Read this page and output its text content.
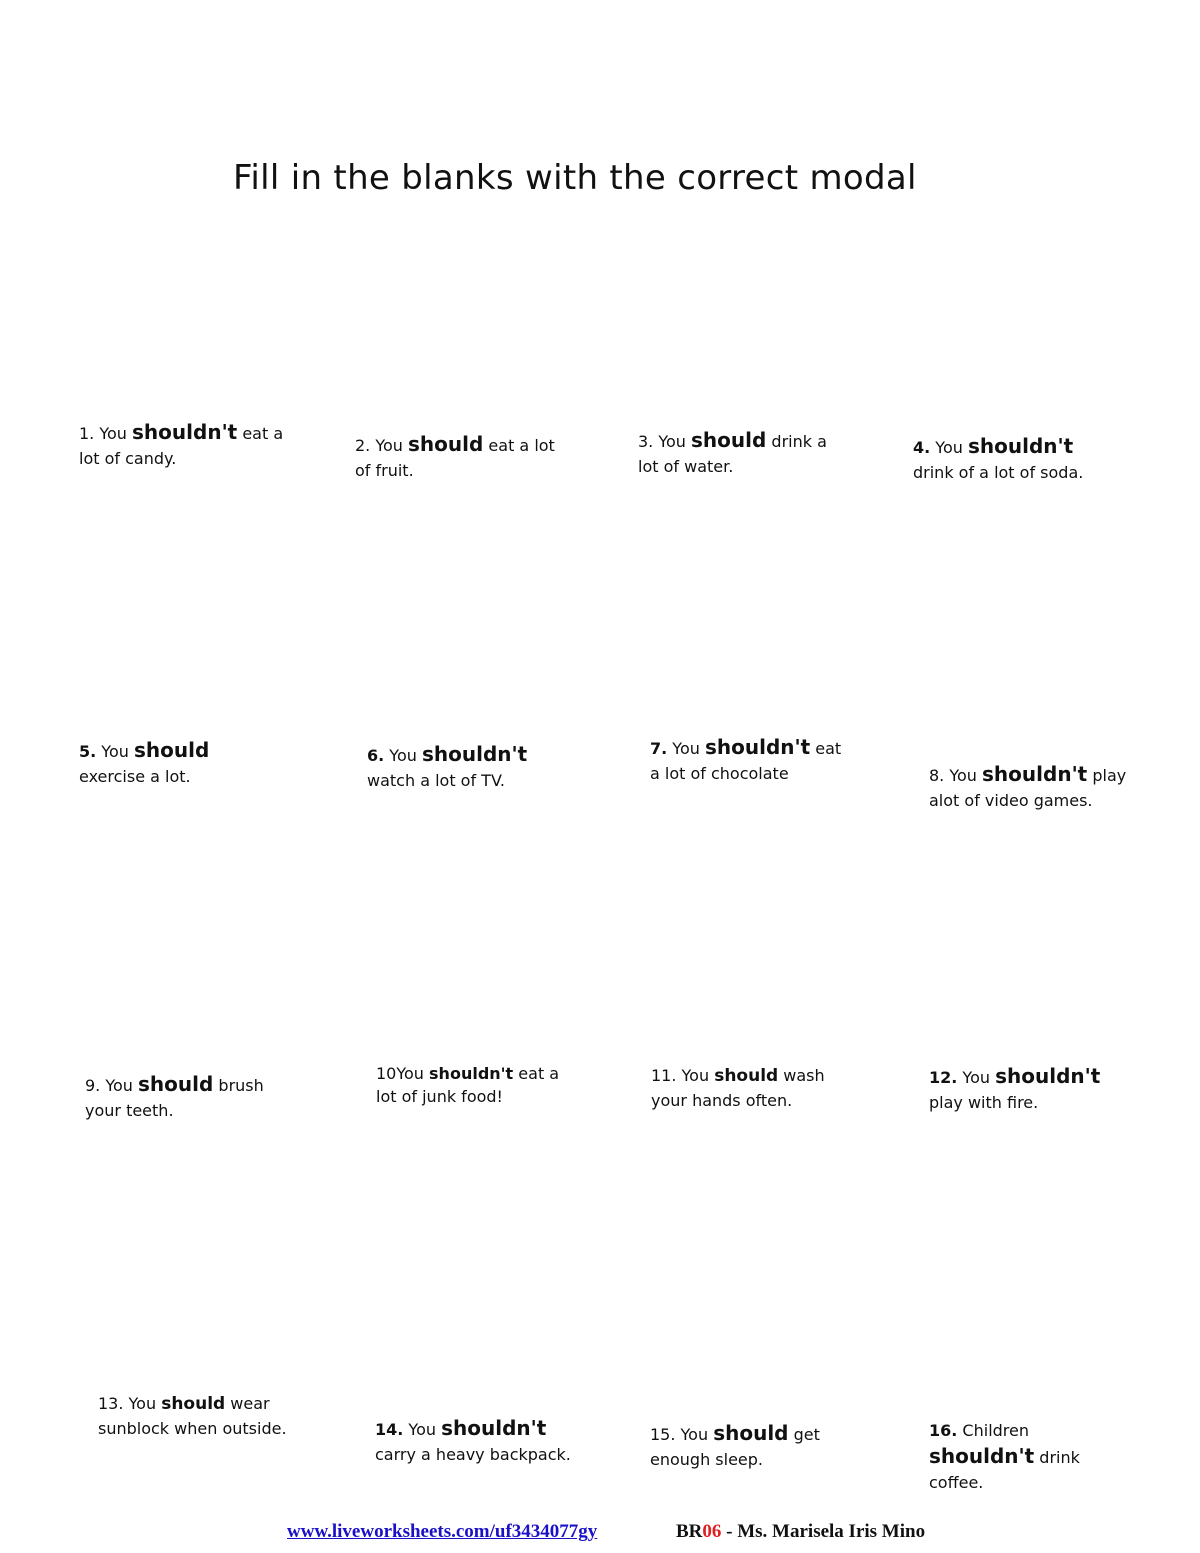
Fill in the blanks with the correct modal
1. You shouldn't eat a lot of candy.
2. You should eat a lot of fruit.
3. You should drink a lot of water.
4. You shouldn't drink of a lot of soda.
5. You should exercise a lot.
6. You shouldn't watch a lot of TV.
7. You shouldn't eat a lot of chocolate	8. You shouldn't play alot of video games.
9. You should brush your teeth.
10You shouldn't eat a lot of junk food!
11. You should wash your hands often.
12. You shouldn't play with fire.
13. You should wear sunblock when outside.	14. You shouldn't carry a heavy backpack.
15. You should get enough sleep.
16. Children shouldn't drink coffee.
www.liveworksheets.com/uf3434077gy	BR06 - Ms. Marisela Iris Mino
